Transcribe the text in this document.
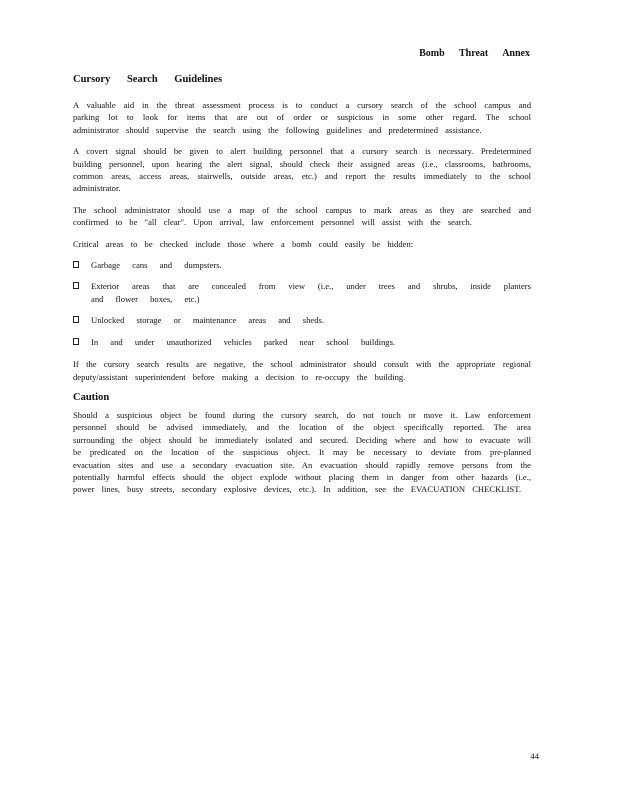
Bomb Threat Annex
Cursory Search Guidelines

A valuable aid in the threat assessment process is to conduct a cursory search of the school campus and parking lot to look for items that are out of order or suspicious in some other regard. The school administrator should supervise the search using the following guidelines and predetermined assistance.

A covert signal should be given to alert building personnel that a cursory search is necessary. Predetermined building personnel, upon hearing the alert signal, should check their assigned areas (i.e., classrooms, bathrooms, common areas, access areas, stairwells, outside areas, etc.) and report the results immediately to the school administrator.

The school administrator should use a map of the school campus to mark areas as they are searched and confirmed to be "all clear". Upon arrival, law enforcement personnel will assist with the search.

Critical areas to be checked include those where a bomb could easily be hidden:

Garbage cans and dumpsters.
Exterior areas that are concealed from view (i.e., under trees and shrubs, inside planters and flower boxes, etc.)
Unlocked storage or maintenance areas and sheds.
In and under unauthorized vehicles parked near school buildings.

If the cursory search results are negative, the school administrator should consult with the appropriate regional deputy/assistant superintendent before making a decision to re-occupy the building.

Caution

Should a suspicious object be found during the cursory search, do not touch or move it. Law enforcement personnel should be advised immediately, and the location of the object specifically reported. The area surrounding the object should be immediately isolated and secured. Deciding where and how to evacuate will be predicated on the location of the suspicious object. It may be necessary to deviate from pre-planned evacuation sites and use a secondary evacuation site. An evacuation should rapidly remove persons from the potentially harmful effects should the object explode without placing them in danger from other hazards (i.e., power lines, busy streets, secondary explosive devices, etc.). In addition, see the EVACUATION CHECKLIST.

44
